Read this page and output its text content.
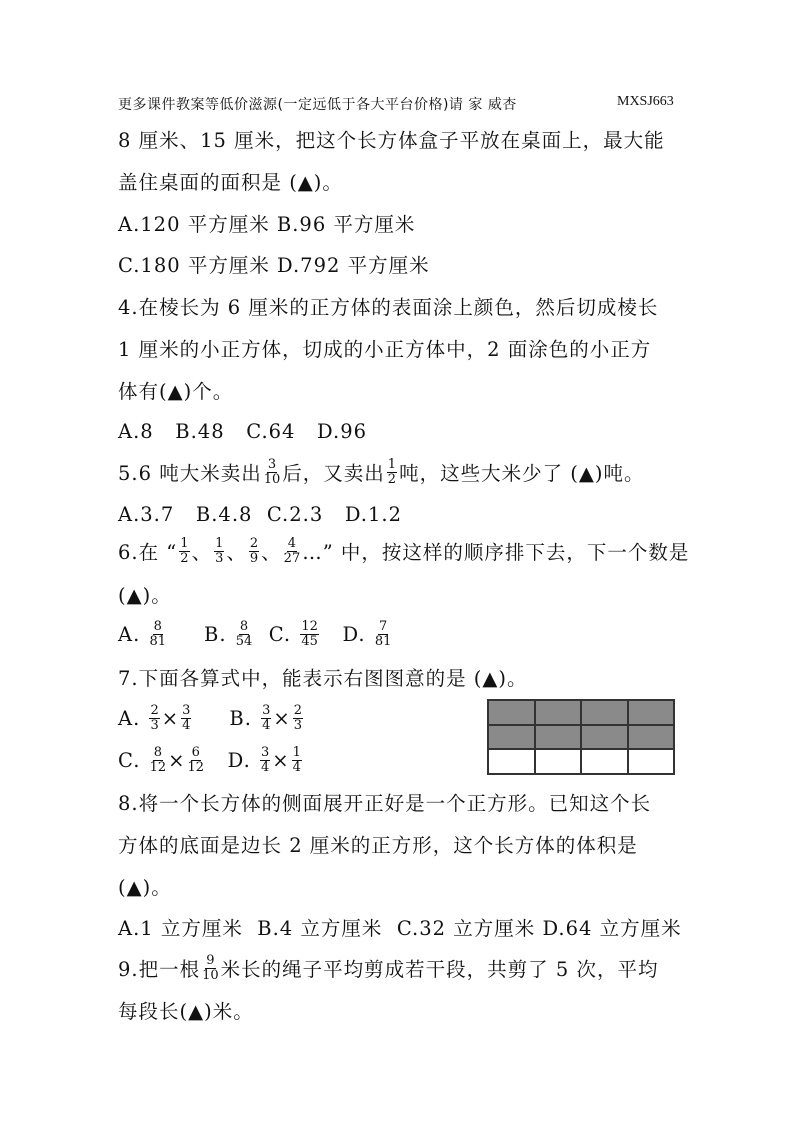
更多课件教案等低价滋源(一定远低于各大平台价格)请 家 威杏	MXSJ663
8 厘米、15 厘米，把这个长方体盒子平放在桌面上，最大能
盖住桌面的面积是 (▲)。
A.120 平方厘米 B.96 平方厘米
C.180 平方厘米 D.792 平方厘米
4.在棱长为 6 厘米的正方体的表面涂上颜色，然后切成棱长
1 厘米的小正方体，切成的小正方体中，2 面涂色的小正方
体有(▲)个。
A.8   B.48   C.64   D.96
5.6 吨大米卖出 $\frac{3}{10}$ 后，又卖出 $\frac{1}{2}$ 吨，这些大米少了 (▲)吨。
A.3.7   B.4.8  C.2.3   D.1.2
6.在 “ $\frac{1}{2}$ 、 $\frac{1}{3}$ 、 $\frac{2}{9}$ 、 $\frac{4}{27}$ …” 中，按这样的顺序排下去，下一个数是
(▲)。
A. $\frac{8}{81} B$. $\frac{8}{54} C$. $\frac{12}{45} D$. $\frac{7}{81}$
7.下面各算式中，能表示右图图意的是 (▲)。
A. $\frac{2}{3} \times \frac{3}{4} B$. $\frac{3}{4} \times \frac{2}{3}$
C. $\frac{8}{12} \times \frac{6}{12} D$. $\frac{3}{4} \times \frac{1}{4}$
8.将一个长方体的侧面展开正好是一个正方形。已知这个长
方体的底面是边长 2 厘米的正方形，这个长方体的体积是
(▲)。
A.1 立方厘米  B.4 立方厘米  C.32 立方厘米 D.64 立方厘米
9.把一根 $\frac{9}{10}$ 米长的绳子平均剪成若干段，共剪了 5 次，平均
每段长(▲)米。
